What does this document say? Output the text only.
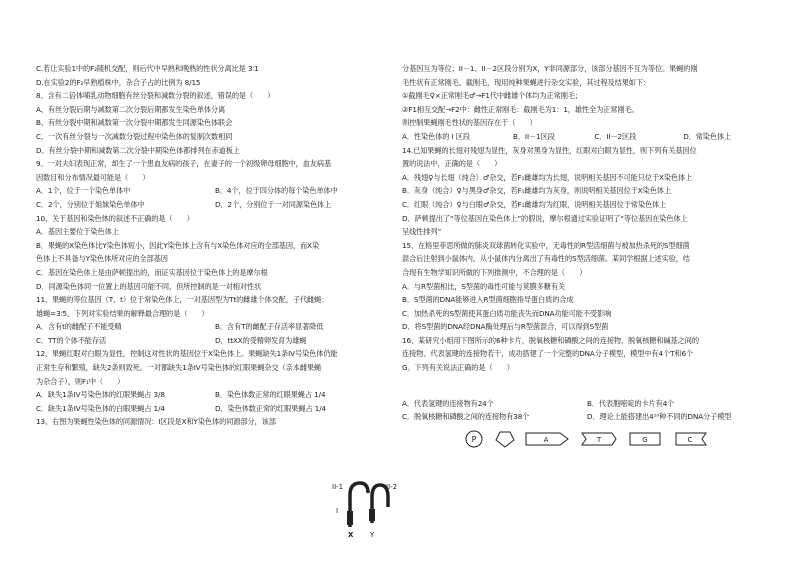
C.若让实验1中的F₂随机交配，则后代中早熟和晚熟的性状分离比是 3∶1
D.在实验2的F₂早熟植株中，杂合子占的比例为 8/15
8、含有二倍体哺乳动物细胞有丝分裂和减数分裂的叙述，错误的是（　　）
A、有丝分裂后期与减数第二次分裂后期都发生染色单体分离
B、有丝分裂中期和减数第一次分裂中期都发生同源染色体联会
C、一次有丝分裂与一次减数分裂过程中染色体的复制次数相同
D、有丝分裂中期和减数第二次分裂中期染色体都排列在赤道板上
9、一对夫妇表现正常，却生了一个患血友病的孩子，在妻子的一个初级卵母细胞中，血友病基
因数目和分布情况最可能是（　　）
A．1个，位于一个染色单体中	B．4个，位于四分体的每个染色单体中
C．2个，分别位于姐妹染色单体中	D．2个，分别位于一对同源染色体上
10、关于基因和染色体的叙述不正确的是（　　）
A．基因主要位于染色体上
B．果蝇的X染色体比Y染色体短小，因此Y染色体上含有与X染色体对应的全部基因，而X染
色体上不具备与Y染色体所对应的全部基因
C．基因在染色体上是由萨顿提出的，而证实基因位于染色体上的是摩尔根
D．同源染色体同一位置上的基因可能不同，但所控制的是一对相对性状
11、果蝇的等位基因（T、t）位于常染色体上，一对基因型为Tt的雌雄个体交配，子代雌蝇：
雄蝇=3∶5。下列对实验结果的解释最合理的是（　　）
A．含有t的雌配子不能受精	B．含有T的雌配子存活率显著降低
C．TT的个体不能存活	D．ttXX的受精卵发育为雄蝇
12、果蝇红眼对白眼为显性，控制这对性状的基因位于X染色体上。果蝇缺失1条IV号染色体仍能
正常生存和繁殖，缺失2条则致死。一对都缺失1条IV号染色体的红眼果蝇杂交（亲本雌果蝇
为杂合子），则F₁中（　　）
A．缺失1条IV号染色体的红眼果蝇占 3/8	B．染色体数正常的红眼果蝇占 1/4
C．缺失1条IV号染色体的白眼果蝇占 1/4	D．染色体数正常的红眼果蝇占 1/4
13、右图为果蝇性染色体的同源情况：I区段是X和Y染色体的同源部分，该部
II-1	II-2
I
X Y
分基因互为等位；II－1、II－2区段分别为X，Y非同源部分，该部分基因不互为等位。果蝇的刚
毛性状有正常刚毛、截刚毛，现用纯种果蝇进行杂交实验，其过程及结果如下：
①截刚毛♀×正常刚毛♂→F1代中雌雄个体均为正常刚毛；
②F1相互交配→F2中：雌性正常刚毛：截刚毛为1：1，雄性全为正常刚毛。
则控制果蝇刚毛性状的基因存在于（　　）
A．性染色体的 I 区段	B．II－1区段	C．II－2区段	D．常染色体上
14.已知果蝇的长翅对残翅为显性，灰身对黑身为显性，红眼对白眼为显性，则下列有关基因位
置的说法中，正确的是（　　）
A．残翅♀与长翅（纯合）♂杂交，若F₁雌雄均为长翅，说明相关基因不可能只位于X染色体上
B．灰身（纯合）♀与黑身♂杂交，若F₁雌雄均为灰身，则说明相关基因位于X染色体上
C．红眼（纯合）♀与白眼♂杂交，若F₁雌雄均为红眼，说明相关基因位于常染色体上
D．萨顿提出了“等位基因在染色体上”的假说，摩尔根通过实验证明了“等位基因在染色体上
呈线性排列”
15、在格里菲思所做的肺炎双球菌转化实验中，无毒性的R型活细菌与被加热杀死的S型细菌
混合后注射到小鼠体内，从小鼠体内分离出了有毒性的S型活细菌。某同学根据上述实验，结
合现有生物学知识所做的下列推测中，不合理的是（　　）
A．与R型菌相比，S型菌的毒性可能与荚膜多糖有关
B．S型菌的DNA能够进入R型菌细胞指导蛋白质的合成
C．加热杀死的S型菌使其蛋白质功能丧失而DNA功能可能不受影响
D．将S型菌的DNA经DNA酶处理后与R型菌混合，可以得到S型菌
16、某研究小组用下图所示的6种卡片，脱氧核糖和磷酸之间的连接物、脱氧核糖和碱基之间的
连接物、代表氢键的连接物若干，成功搭建了一个完整的DNA分子模型，模型中有4个T和6个
G。下列有关说法正确的是（　　）
A．代表氢键的连接物有24个	B．代表胞嘧啶的卡片有4个
C．脱氧核糖和磷酸之间的连接物有38个	D．理论上能搭建出4¹⁰种不同的DNA分子模型
P	A	T	G	C
